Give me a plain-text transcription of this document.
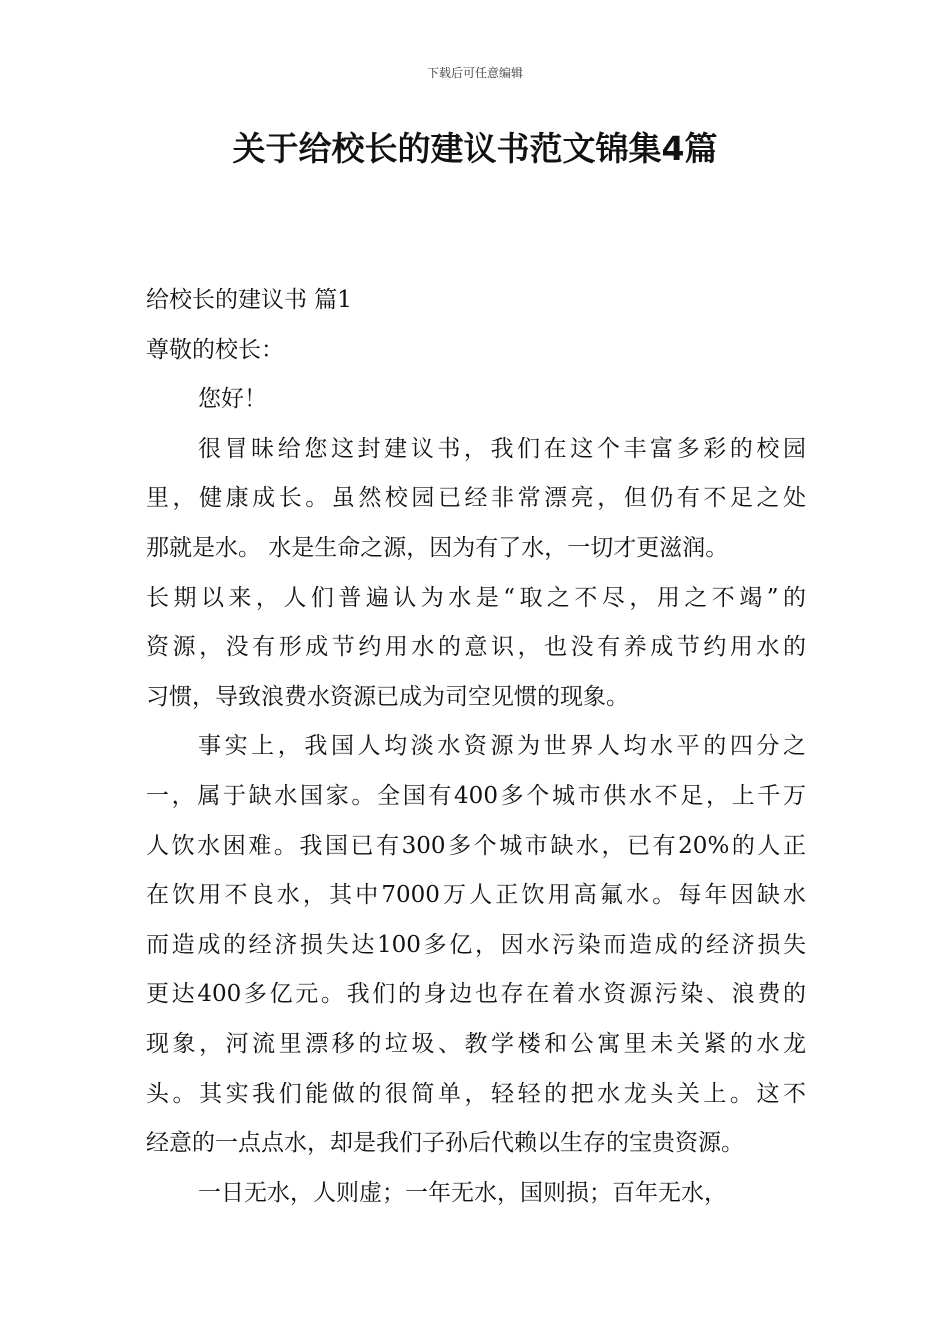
下载后可任意编辑
关于给校长的建议书范文锦集4篇
给校长的建议书 篇1
尊敬的校长：
您好！
很冒昧给您这封建议书，我们在这个丰富多彩的校园
里，健康成长。虽然校园已经非常漂亮，但仍有不足之处
那就是水。 水是生命之源，因为有了水，一切才更滋润。
长期以来，人们普遍认为水是“取之不尽，用之不竭”的
资源，没有形成节约用水的意识，也没有养成节约用水的
习惯，导致浪费水资源已成为司空见惯的现象。
事实上，我国人均淡水资源为世界人均水平的四分之
一，属于缺水国家。全国有400多个城市供水不足，上千万
人饮水困难。我国已有300多个城市缺水，已有20%的人正
在饮用不良水，其中7000万人正饮用高氟水。每年因缺水
而造成的经济损失达100多亿，因水污染而造成的经济损失
更达400多亿元。我们的身边也存在着水资源污染、浪费的
现象，河流里漂移的垃圾、教学楼和公寓里未关紧的水龙
头。其实我们能做的很简单，轻轻的把水龙头关上。这不
经意的一点点水，却是我们子孙后代赖以生存的宝贵资源。
一日无水，人则虚；一年无水，国则损；百年无水，
